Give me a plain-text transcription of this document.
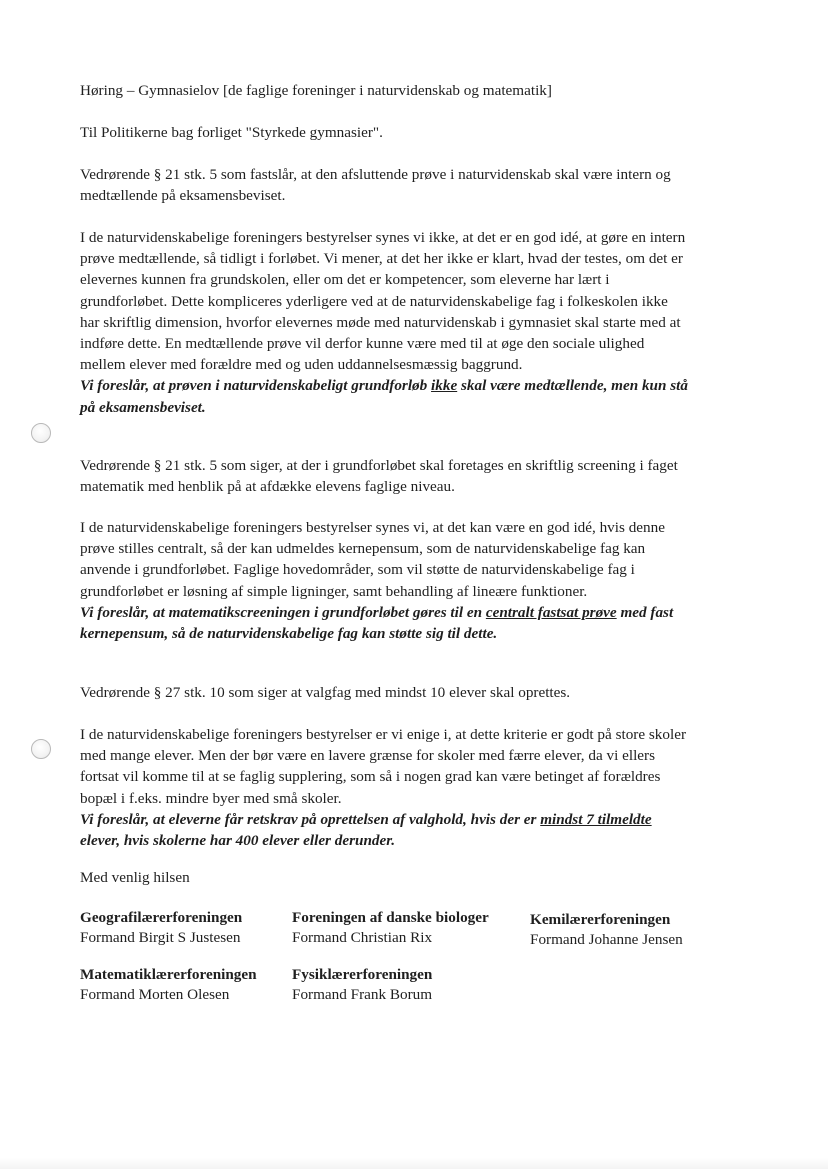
Høring – Gymnasielov [de faglige foreninger i naturvidenskab og matematik]

Til Politikerne bag forliget "Styrkede gymnasier".

Vedrørende § 21 stk. 5 som fastslår, at den afsluttende prøve i naturvidenskab skal være intern og
medtællende på eksamensbeviset.

I de naturvidenskabelige foreningers bestyrelser synes vi ikke, at det er en god idé, at gøre en intern
prøve medtællende, så tidligt i forløbet. Vi mener, at det her ikke er klart, hvad der testes, om det er
elevernes kunnen fra grundskolen, eller om det er kompetencer, som eleverne har lært i
grundforløbet. Dette kompliceres yderligere ved at de naturvidenskabelige fag i folkeskolen ikke
har skriftlig dimension, hvorfor elevernes møde med naturvidenskab i gymnasiet skal starte med at
indføre dette. En medtællende prøve vil derfor kunne være med til at øge den sociale ulighed
mellem elever med forældre med og uden uddannelsesmæssig baggrund.
Vi foreslår, at prøven i naturvidenskabeligt grundforløb ikke skal være medtællende, men kun stå
på eksamensbeviset.

Vedrørende § 21 stk. 5 som siger, at der i grundforløbet skal foretages en skriftlig screening i faget
matematik med henblik på at afdække elevens faglige niveau.

I de naturvidenskabelige foreningers bestyrelser synes vi, at det kan være en god idé, hvis denne
prøve stilles centralt, så der kan udmeldes kernepensum, som de naturvidenskabelige fag kan
anvende i grundforløbet. Faglige hovedområder, som vil støtte de naturvidenskabelige fag i
grundforløbet er løsning af simple ligninger, samt behandling af lineære funktioner.
Vi foreslår, at matematikscreeningen i grundforløbet gøres til en centralt fastsat prøve med fast
kernepensum, så de naturvidenskabelige fag kan støtte sig til dette.

Vedrørende § 27 stk. 10 som siger at valgfag med mindst 10 elever skal oprettes.

I de naturvidenskabelige foreningers bestyrelser er vi enige i, at dette kriterie er godt på store skoler
med mange elever. Men der bør være en lavere grænse for skoler med færre elever, da vi ellers
fortsat vil komme til at se faglig supplering, som så i nogen grad kan være betinget af forældres
bopæl i f.eks. mindre byer med små skoler.
Vi foreslår, at eleverne får retskrav på oprettelsen af valghold, hvis der er mindst 7 tilmeldte
elever, hvis skolerne har 400 elever eller derunder.

Med venlig hilsen

Geografilærerforeningen
Formand Birgit S Justesen
Foreningen af danske biologer
Formand Christian Rix
Kemilærerforeningen
Formand Johanne Jensen
Matematiklærerforeningen
Formand Morten Olesen
Fysiklærerforeningen
Formand Frank Borum
